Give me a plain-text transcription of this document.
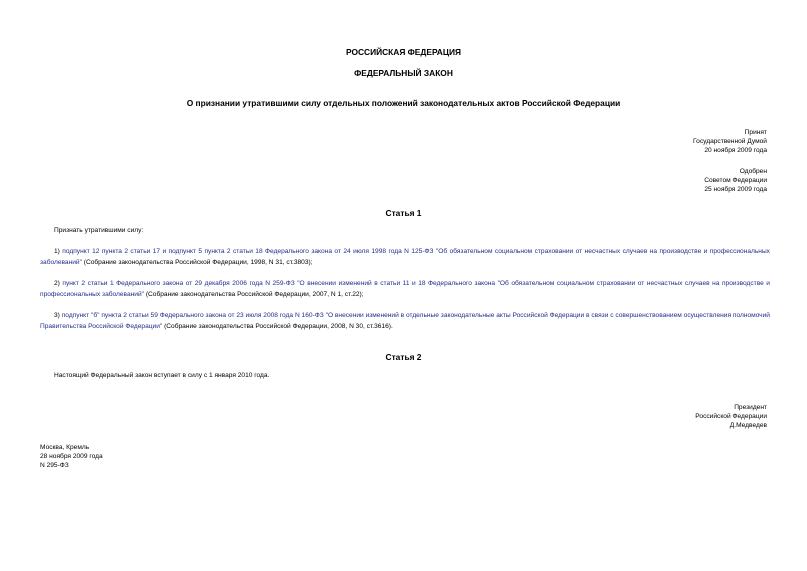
РОССИЙСКАЯ ФЕДЕРАЦИЯ
ФЕДЕРАЛЬНЫЙ ЗАКОН
О признании утратившими силу отдельных положений законодательных актов Российской Федерации
Принят
Государственной Думой
20 ноября 2009 года
Одобрен
Советом Федерации
25 ноября 2009 года
Статья 1
Признать утратившими силу:
1) подпункт 12 пункта 2 статьи 17 и подпункт 5 пункта 2 статьи 18 Федерального закона от 24 июля 1998 года N 125-ФЗ "Об обязательном социальном страховании от несчастных случаев на производстве и профессиональных заболеваний" (Собрание законодательства Российской Федерации, 1998, N 31, ст.3803);
2) пункт 2 статьи 1 Федерального закона от 29 декабря 2006 года N 259-ФЗ "О внесении изменений в статьи 11 и 18 Федерального закона "Об обязательном социальном страховании от несчастных случаев на производстве и профессиональных заболеваний" (Собрание законодательства Российской Федерации, 2007, N 1, ст.22);
3) подпункт "б" пункта 2 статьи 59 Федерального закона от 23 июля 2008 года N 160-ФЗ "О внесении изменений в отдельные законодательные акты Российской Федерации в связи с совершенствованием осуществления полномочий Правительства Российской Федерации" (Собрание законодательства Российской Федерации, 2008, N 30, ст.3616).
Статья 2
Настоящий Федеральный закон вступает в силу с 1 января 2010 года.
Президент
Российской Федерации
Д.Медведев
Москва, Кремль
28 ноября 2009 года
N 295-ФЗ
